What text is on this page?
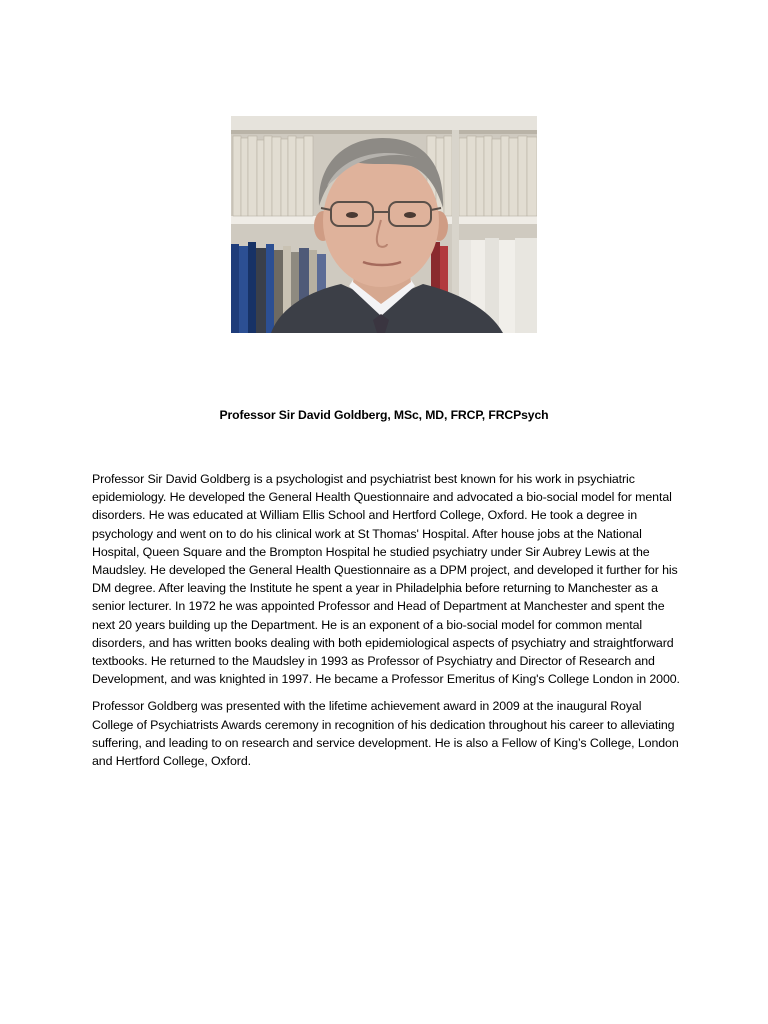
Professor Sir David Goldberg, MSc, MD, FRCP, FRCPsych

Professor Sir David Goldberg is a psychologist and psychiatrist best known for his work in psychiatric epidemiology. He developed the General Health Questionnaire and advocated a bio-social model for mental disorders. He was educated at William Ellis School and Hertford College, Oxford. He took a degree in psychology and went on to do his clinical work at St Thomas' Hospital. After house jobs at the National Hospital, Queen Square and the Brompton Hospital he studied psychiatry under Sir Aubrey Lewis at the Maudsley. He developed the General Health Questionnaire as a DPM project, and developed it further for his DM degree. After leaving the Institute he spent a year in Philadelphia before returning to Manchester as a senior lecturer. In 1972 he was appointed Professor and Head of Department at Manchester and spent the next 20 years building up the Department. He is an exponent of a bio-social model for common mental disorders, and has written books dealing with both epidemiological aspects of psychiatry and straightforward textbooks. He returned to the Maudsley in 1993 as Professor of Psychiatry and Director of Research and Development, and was knighted in 1997. He became a Professor Emeritus of King's College London in 2000.

Professor Goldberg was presented with the lifetime achievement award in 2009 at the inaugural Royal College of Psychiatrists Awards ceremony in recognition of his dedication throughout his career to alleviating suffering, and leading to on research and service development. He is also a Fellow of King’s College, London and Hertford College, Oxford.
